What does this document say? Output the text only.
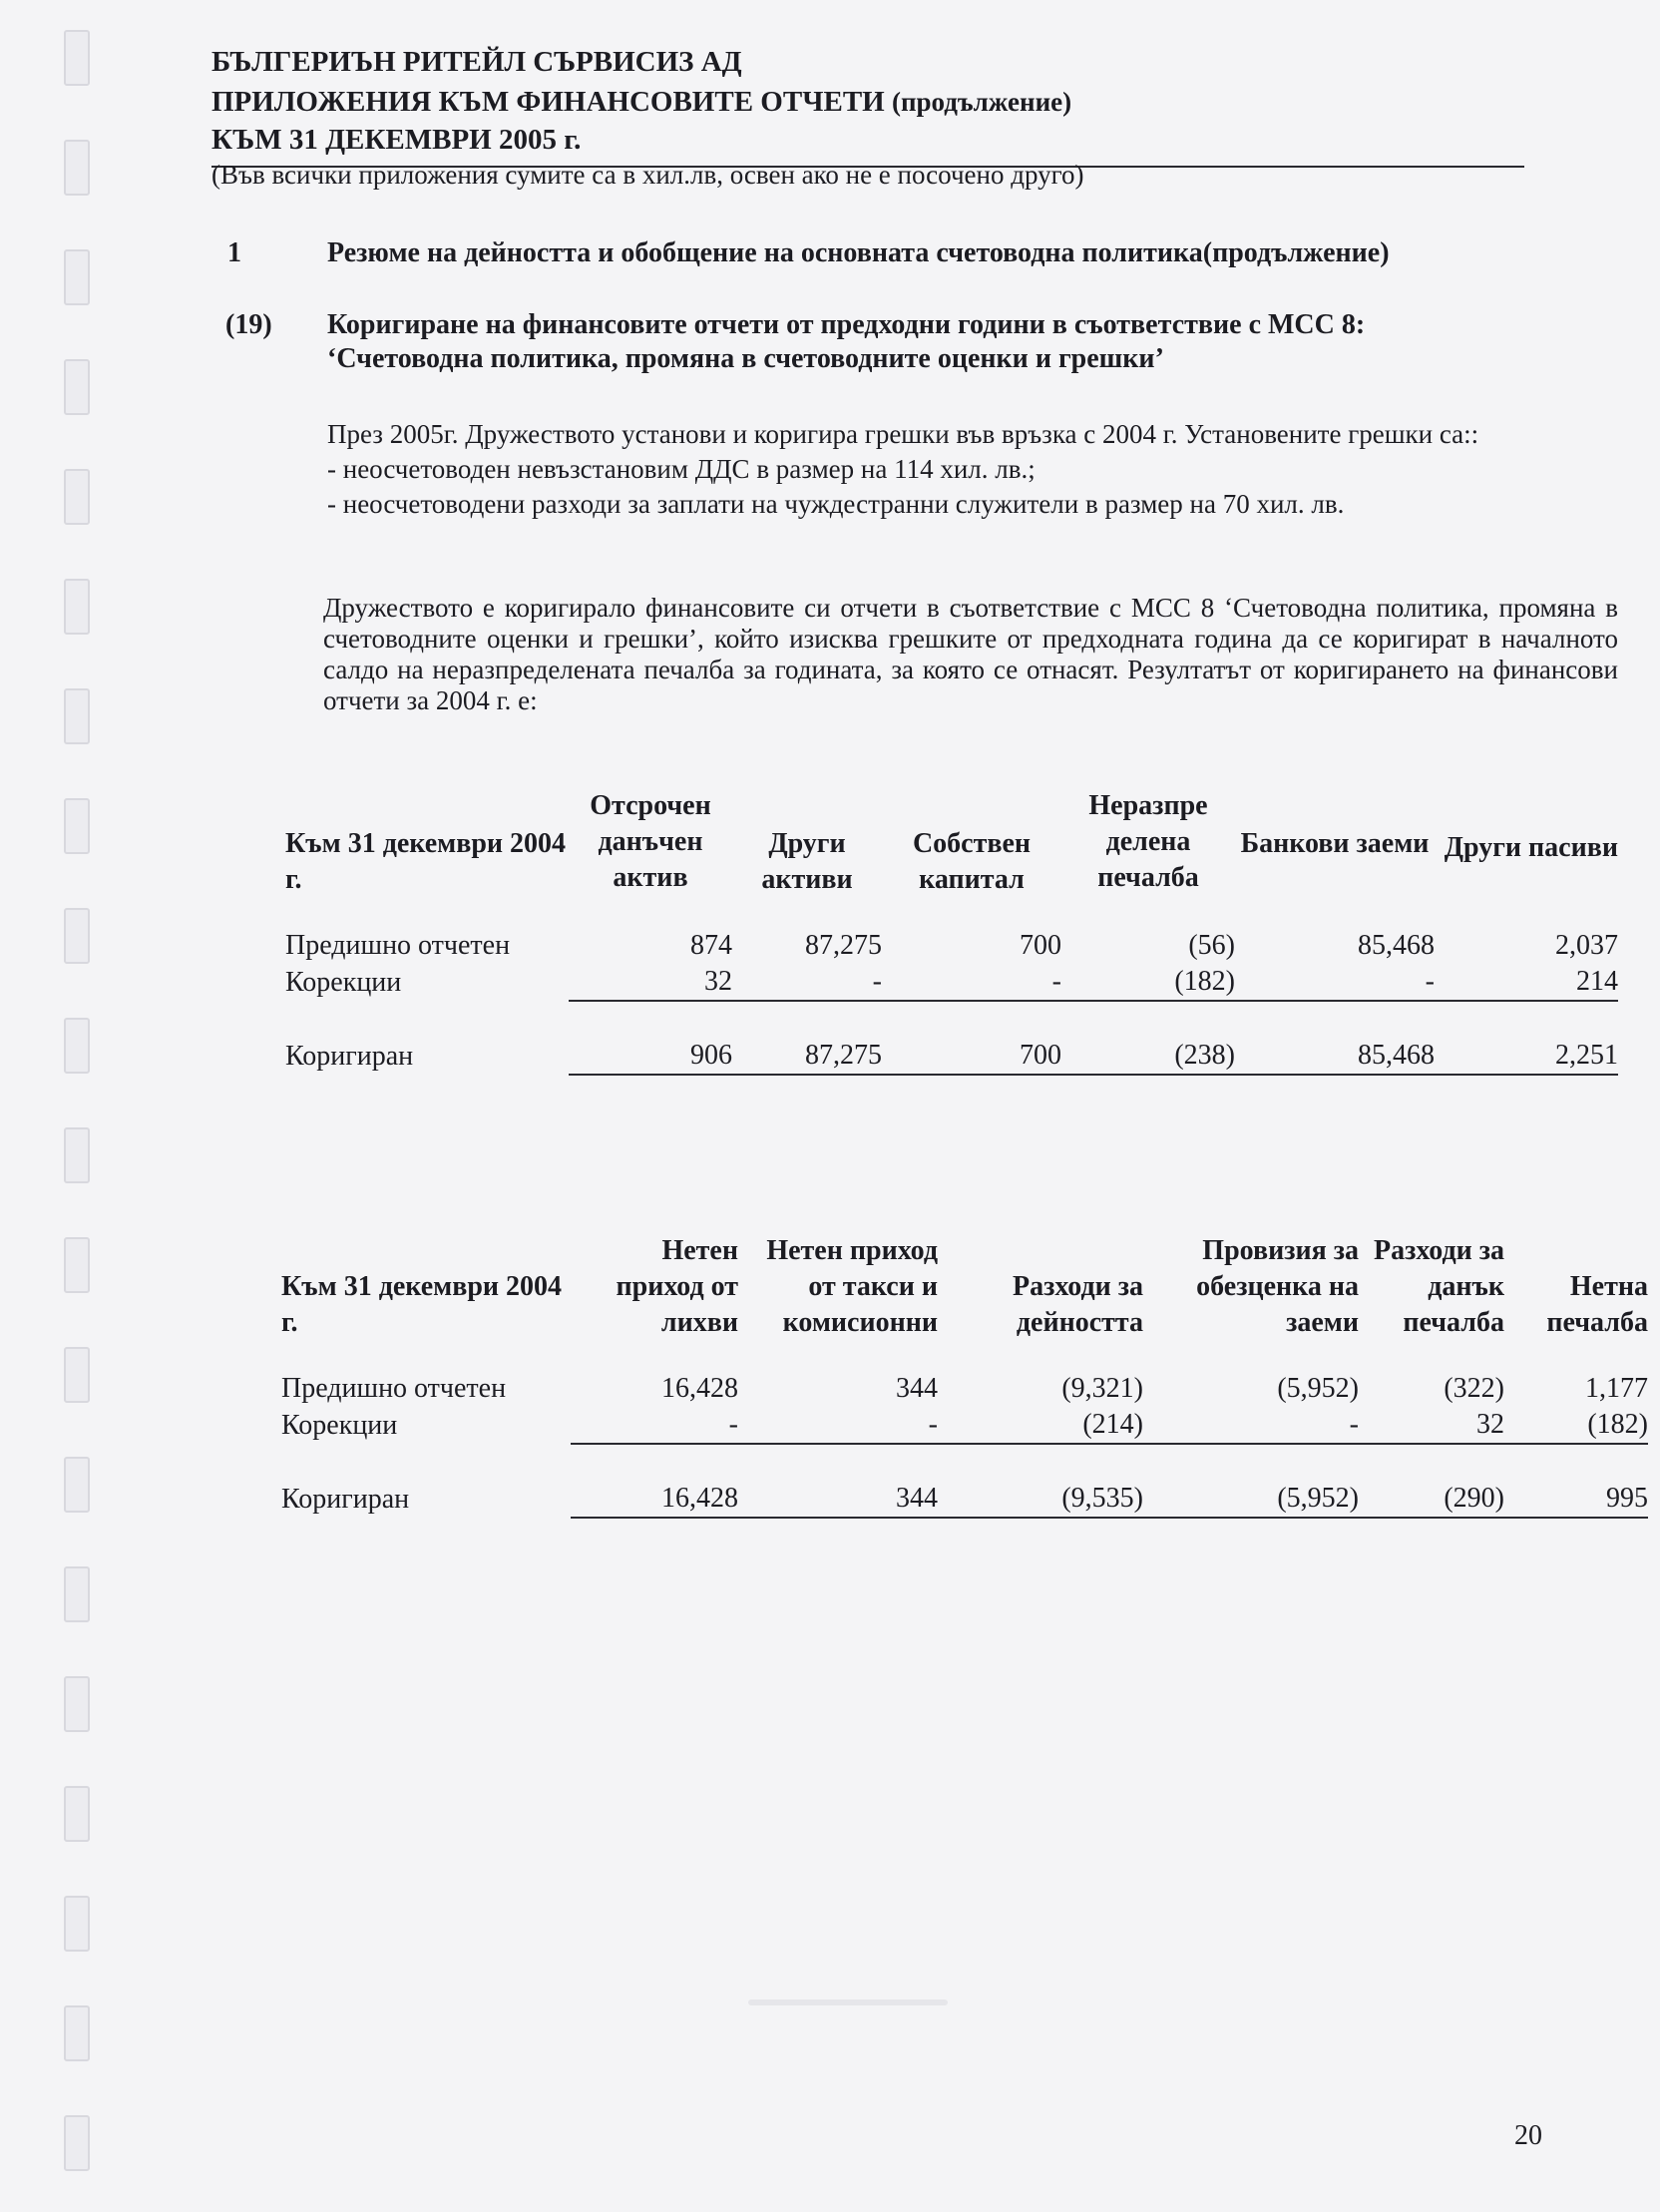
БЪЛГЕРИЪН РИТЕЙЛ СЪРВИСИЗ АД
ПРИЛОЖЕНИЯ КЪМ ФИНАНСОВИТЕ ОТЧЕТИ (продължение)
КЪМ 31 ДЕКЕМВРИ 2005 г.
(Във всички приложения сумите са в хил.лв, освен ако не е посочено друго)
1	Резюме на дейността и обобщение на основната счетоводна политика(продължение)
(19) Коригиране на финансовите отчети от предходни години в съответствие с МСС 8:
‘Счетоводна политика, промяна в счетоводните оценки и грешки’

През 2005г. Дружеството установи и коригира грешки във връзка с 2004 г. Установените грешки са::

- неосчетоводен невъзстановим ДДС в размер на 114 хил. лв.;

- неосчетоводени разходи за заплати на чуждестранни служители в размер на 70 хил. лв.

Дружеството е коригирало финансовите си отчети в съответствие с МСС 8 ‘Счетоводна политика, промяна в счетоводните оценки и грешки’, който изисква грешките от предходната година да се коригират в началното салдо на неразпределената печалба за годината, за която се отнасят. Резултатът от коригирането на финансови отчети за 2004 г. е:
Към 31 декември 2004 г.	Отсрочен данъчен актив	Други активи	Собствен капитал	Неразпре делена печалба	Банкови заеми	Други пасиви

Предишно отчетен	874	87,275	700	(56)	85,468	2,037
Корекции	32	-	-	(182)	-	214

Коригиран	906	87,275	700	(238)	85,468	2,251
Към 31 декември 2004 г.	Нетен приход от лихви	Нетен приход от такси и комисионни	Разходи за дейността	Провизия за обезценка на заеми	Разходи за данък печалба	Нетна печалба

Предишно отчетен	16,428	344	(9,321)	(5,952)	(322)	1,177
Корекции	-	-	(214)	-	32	(182)

Коригиран	16,428	344	(9,535)	(5,952)	(290)	995
20
